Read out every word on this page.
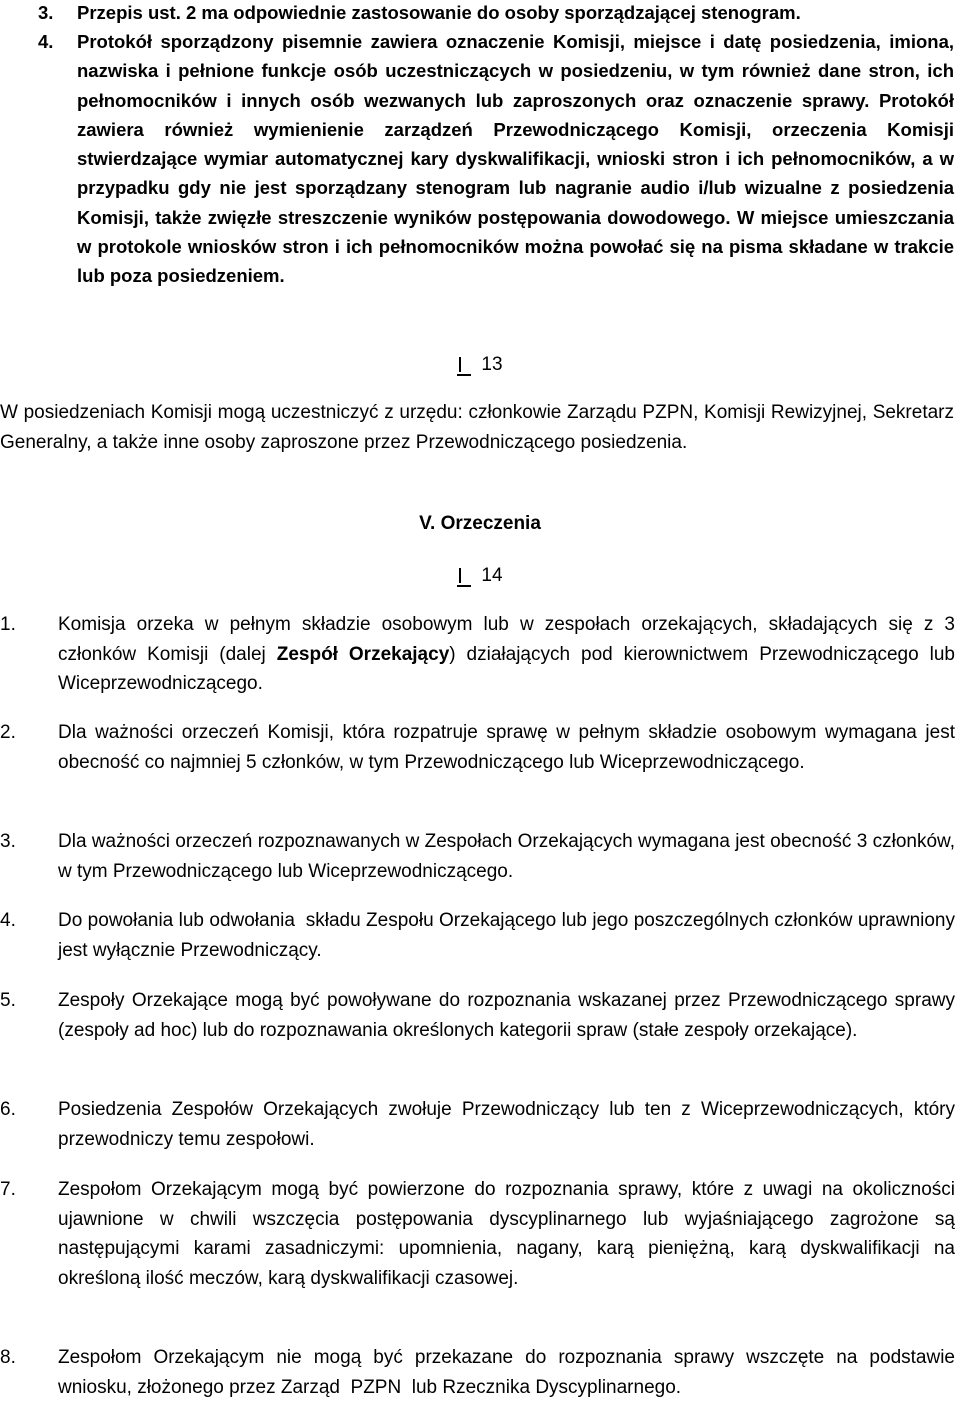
3. Przepis ust. 2 ma odpowiednie zastosowanie do osoby sporządzającej stenogram.
4. Protokół sporządzony pisemnie zawiera oznaczenie Komisji, miejsce i datę posiedzenia, imiona, nazwiska i pełnione funkcje osób uczestniczących w posiedzeniu, w tym również dane stron, ich pełnomocników i innych osób wezwanych lub zaproszonych oraz oznaczenie sprawy. Protokół zawiera również wymienienie zarządzeń Przewodniczącego Komisji, orzeczenia Komisji stwierdzające wymiar automatycznej kary dyskwalifikacji, wnioski stron i ich pełnomocników, a w przypadku gdy nie jest sporządzany stenogram lub nagranie audio i/lub wizualne z posiedzenia Komisji, także zwięzłe streszczenie wyników postępowania dowodowego. W miejsce umieszczania w protokole wniosków stron i ich pełnomocników można powołać się na pisma składane w trakcie lub poza posiedzeniem.
13
W posiedzeniach Komisji mogą uczestniczyć z urzędu: członkowie Zarządu PZPN, Komisji Rewizyjnej, Sekretarz Generalny, a także inne osoby zaproszone przez Przewodniczącego posiedzenia.
V. Orzeczenia
14
1. Komisja orzeka w pełnym składzie osobowym lub w zespołach orzekających, składających się z 3 członków Komisji (dalej Zespół Orzekający) działających pod kierownictwem Przewodniczącego lub Wiceprzewodniczącego.
2. Dla ważności orzeczeń Komisji, która rozpatruje sprawę w pełnym składzie osobowym wymagana jest obecność co najmniej 5 członków, w tym Przewodniczącego lub Wiceprzewodniczącego.
3. Dla ważności orzeczeń rozpoznawanych w Zespołach Orzekających wymagana jest obecność 3 członków, w tym Przewodniczącego lub Wiceprzewodniczącego.
4. Do powołania lub odwołania  składu Zespołu Orzekającego lub jego poszczególnych członków uprawniony jest wyłącznie Przewodniczący.
5. Zespoły Orzekające mogą być powoływane do rozpoznania wskazanej przez Przewodniczącego sprawy (zespoły ad hoc) lub do rozpoznawania określonych kategorii spraw (stałe zespoły orzekające).
6. Posiedzenia Zespołów Orzekających zwołuje Przewodniczący lub ten z Wiceprzewodniczących, który przewodniczy temu zespołowi.
7. Zespołom Orzekającym mogą być powierzone do rozpoznania sprawy, które z uwagi na okoliczności ujawnione w chwili wszczęcia postępowania dyscyplinarnego lub wyjaśniającego zagrożone są następującymi karami zasadniczymi: upomnienia, nagany, karą pieniężną, karą dyskwalifikacji na określoną ilość meczów, karą dyskwalifikacji czasowej.
8. Zespołom Orzekającym nie mogą być przekazane do rozpoznania sprawy wszczęte na podstawie wniosku, złożonego przez Zarząd  PZPN  lub Rzecznika Dyscyplinarnego.
